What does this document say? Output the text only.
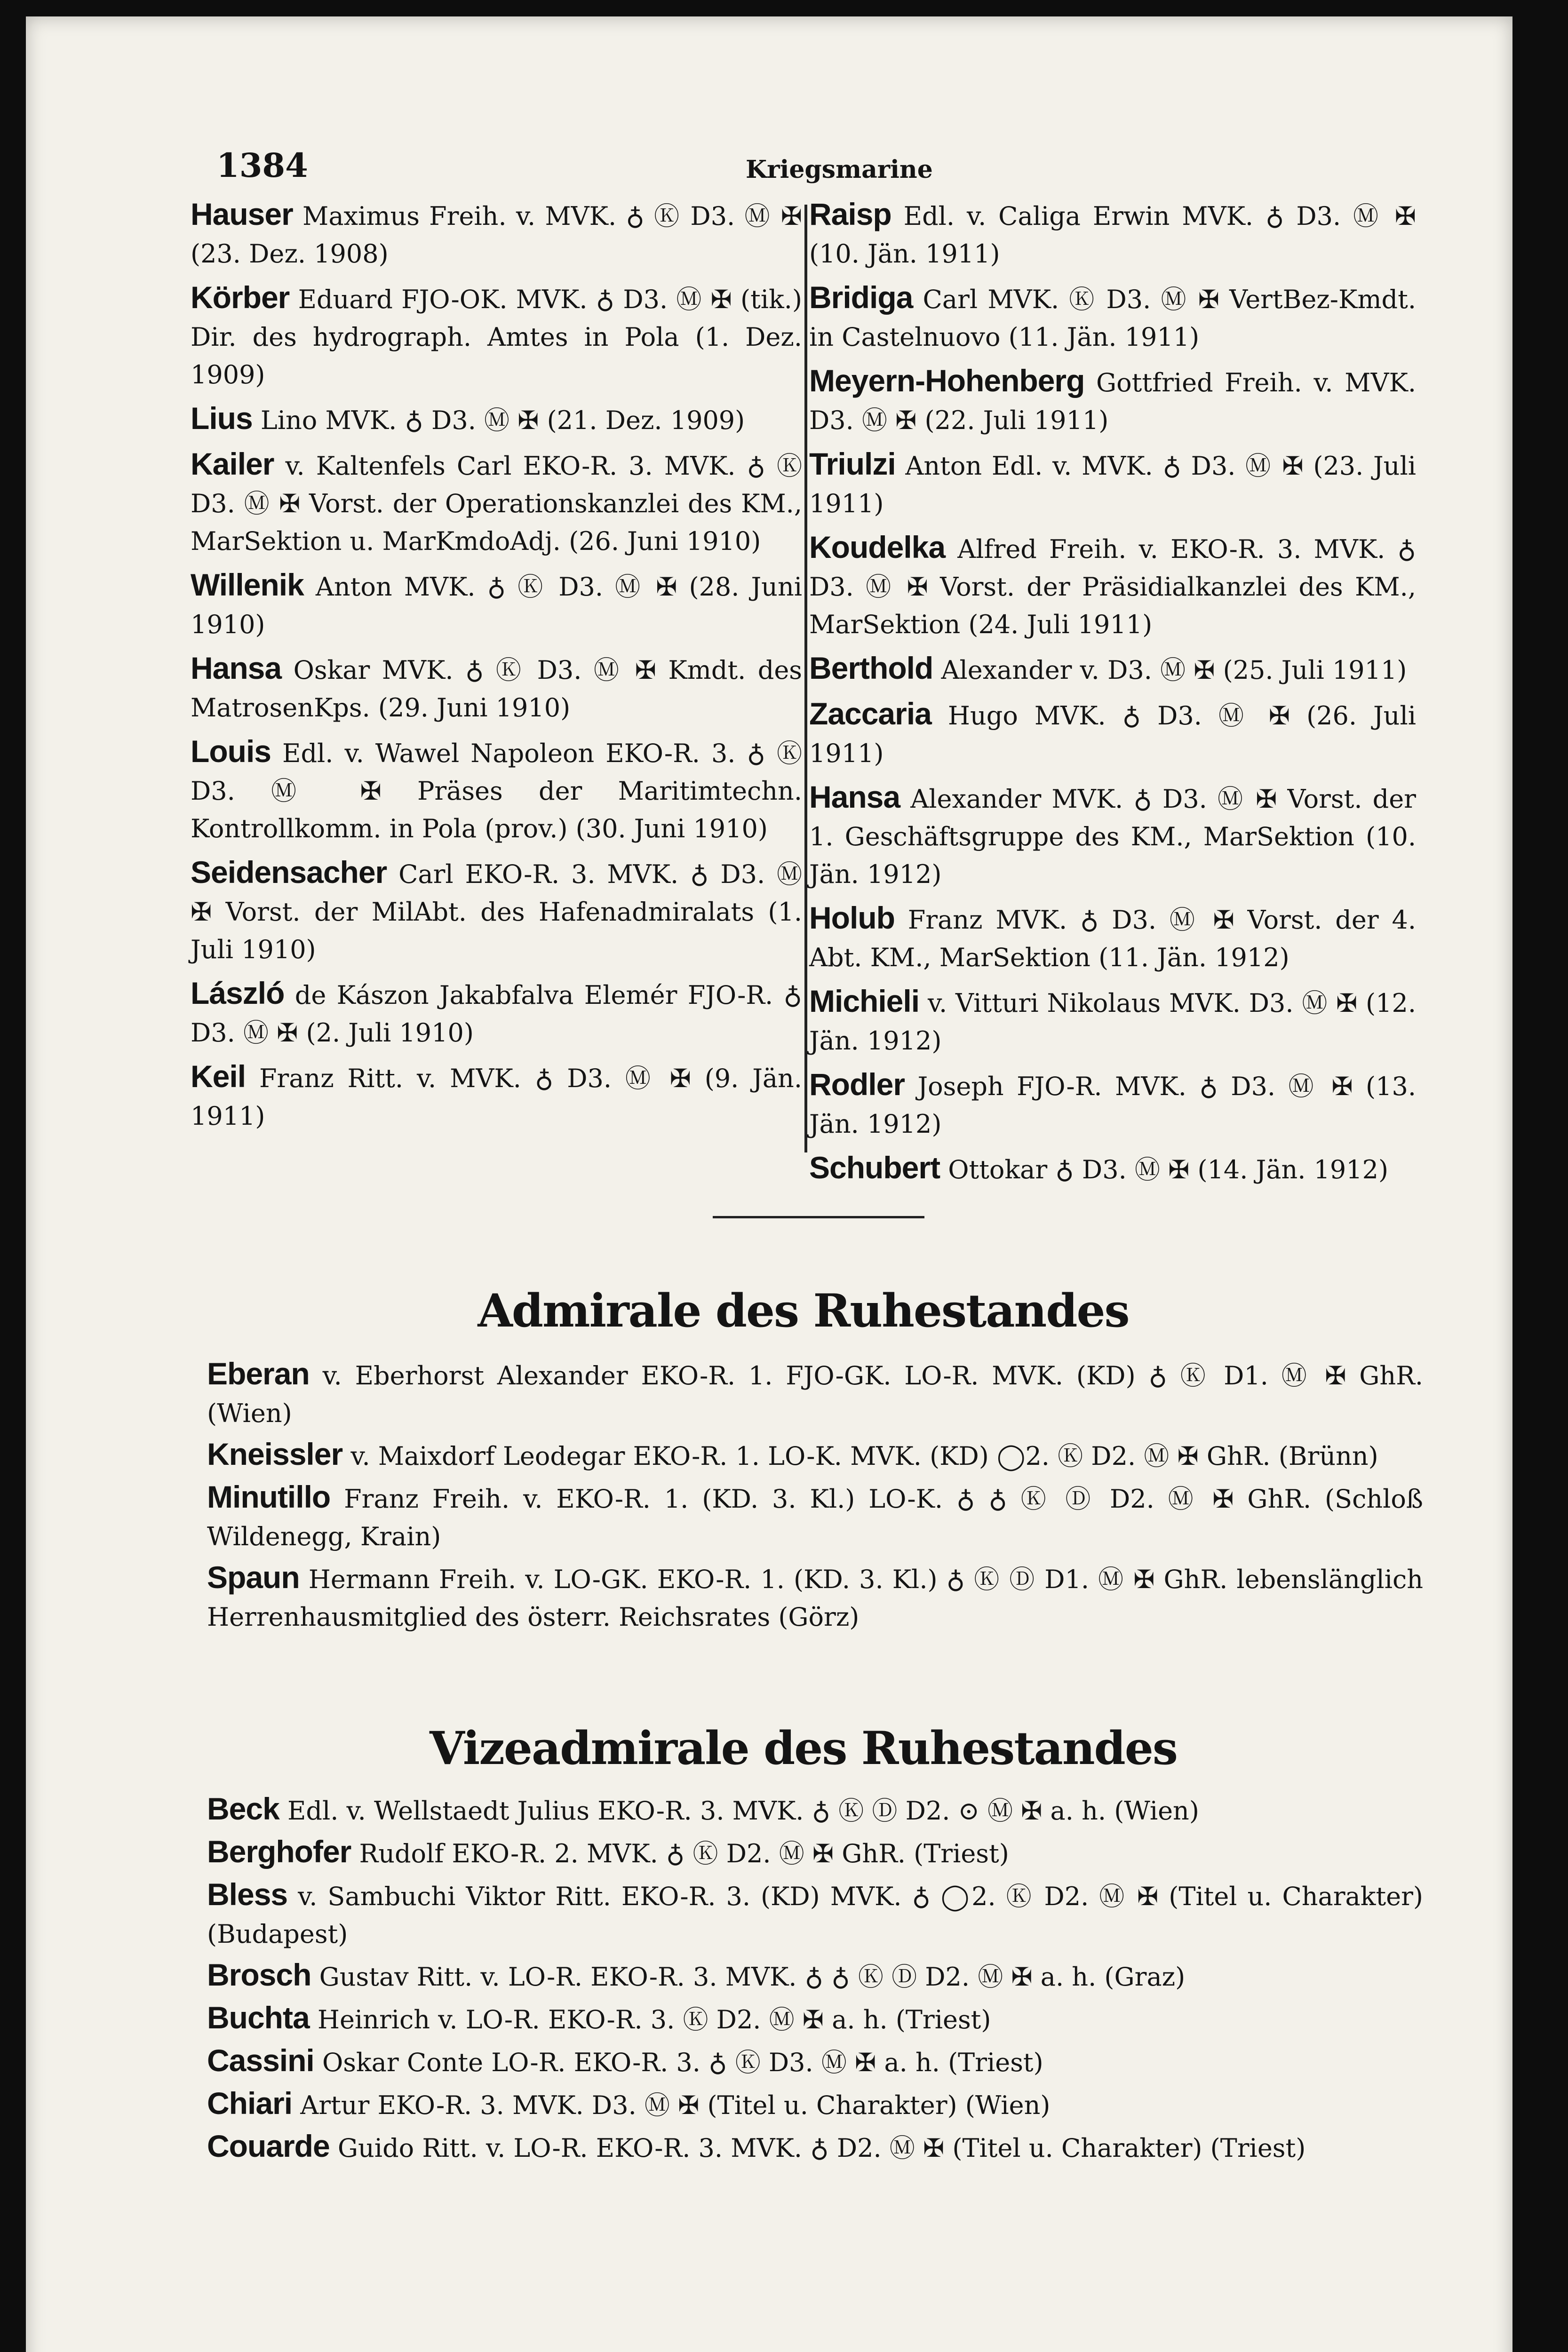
1384	Kriegsmarine
Hauser Maximus Freih. v. MVK. ♁ Ⓚ D3. Ⓜ ✠ (23. Dez. 1908)
Körber Eduard FJO-OK. MVK. ♁ D3. Ⓜ ✠ (tik.) Dir. des hydrograph. Amtes in Pola (1. Dez. 1909)
Lius Lino MVK. ♁ D3. Ⓜ ✠ (21. Dez. 1909)
Kailer v. Kaltenfels Carl EKO-R. 3. MVK. ♁ Ⓚ D3. Ⓜ ✠ Vorst. der Operationskanzlei des KM., MarSektion u. MarKmdoAdj. (26. Juni 1910)
Willenik Anton MVK. ♁ Ⓚ D3. Ⓜ ✠ (28. Juni 1910)
Hansa Oskar MVK. ♁ Ⓚ D3. Ⓜ ✠ Kmdt. des MatrosenKps. (29. Juni 1910)
Louis Edl. v. Wawel Napoleon EKO-R. 3. ♁ Ⓚ D3. Ⓜ ✠ Präses der Maritimtechn. Kontrollkomm. in Pola (prov.) (30. Juni 1910)
Seidensacher Carl EKO-R. 3. MVK. ♁ D3. Ⓜ ✠ Vorst. der MilAbt. des Hafenadmiralats (1. Juli 1910)
László de Kászon Jakabfalva Elemér FJO-R. ♁ D3. Ⓜ ✠ (2. Juli 1910)
Keil Franz Ritt. v. MVK. ♁ D3. Ⓜ ✠ (9. Jän. 1911)
Raisp Edl. v. Caliga Erwin MVK. ♁ D3. Ⓜ ✠ (10. Jän. 1911)
Bridiga Carl MVK. Ⓚ D3. Ⓜ ✠ VertBez-Kmdt. in Castelnuovo (11. Jän. 1911)
Meyern-Hohenberg Gottfried Freih. v. MVK. D3. Ⓜ ✠ (22. Juli 1911)
Triulzi Anton Edl. v. MVK. ♁ D3. Ⓜ ✠ (23. Juli 1911)
Koudelka Alfred Freih. v. EKO-R. 3. MVK. ♁ D3. Ⓜ ✠ Vorst. der Präsidialkanzlei des KM., MarSektion (24. Juli 1911)
Berthold Alexander v. D3. Ⓜ ✠ (25. Juli 1911)
Zaccaria Hugo MVK. ♁ D3. Ⓜ ✠ (26. Juli 1911)
Hansa Alexander MVK. ♁ D3. Ⓜ ✠ Vorst. der 1. Geschäftsgruppe des KM., MarSektion (10. Jän. 1912)
Holub Franz MVK. ♁ D3. Ⓜ ✠ Vorst. der 4. Abt. KM., MarSektion (11. Jän. 1912)
Michieli v. Vitturi Nikolaus MVK. D3. Ⓜ ✠ (12. Jän. 1912)
Rodler Joseph FJO-R. MVK. ♁ D3. Ⓜ ✠ (13. Jän. 1912)
Schubert Ottokar ♁ D3. Ⓜ ✠ (14. Jän. 1912)
Admirale des Ruhestandes
Eberan v. Eberhorst Alexander EKO-R. 1. FJO-GK. LO-R. MVK. (KD) ♁ Ⓚ D1. Ⓜ ✠ GhR. (Wien)
Kneissler v. Maixdorf Leodegar EKO-R. 1. LO-K. MVK. (KD) ◯2. Ⓚ D2. Ⓜ ✠ GhR. (Brünn)
Minutillo Franz Freih. v. EKO-R. 1. (KD. 3. Kl.) LO-K. ♁ ♁ Ⓚ Ⓓ D2. Ⓜ ✠ GhR. (Schloß Wildenegg, Krain)
Spaun Hermann Freih. v. LO-GK. EKO-R. 1. (KD. 3. Kl.) ♁ Ⓚ Ⓓ D1. Ⓜ ✠ GhR. lebenslänglich Herrenhausmitglied des österr. Reichsrates (Görz)
Vizeadmirale des Ruhestandes
Beck Edl. v. Wellstaedt Julius EKO-R. 3. MVK. ♁ Ⓚ Ⓓ D2. ⊙ Ⓜ ✠ a. h. (Wien)
Berghofer Rudolf EKO-R. 2. MVK. ♁ Ⓚ D2. Ⓜ ✠ GhR. (Triest)
Bless v. Sambuchi Viktor Ritt. EKO-R. 3. (KD) MVK. ♁ ◯2. Ⓚ D2. Ⓜ ✠ (Titel u. Charakter) (Budapest)
Brosch Gustav Ritt. v. LO-R. EKO-R. 3. MVK. ♁ ♁ Ⓚ Ⓓ D2. Ⓜ ✠ a. h. (Graz)
Buchta Heinrich v. LO-R. EKO-R. 3. Ⓚ D2. Ⓜ ✠ a. h. (Triest)
Cassini Oskar Conte LO-R. EKO-R. 3. ♁ Ⓚ D3. Ⓜ ✠ a. h. (Triest)
Chiari Artur EKO-R. 3. MVK. D3. Ⓜ ✠ (Titel u. Charakter) (Wien)
Couarde Guido Ritt. v. LO-R. EKO-R. 3. MVK. ♁ D2. Ⓜ ✠ (Titel u. Charakter) (Triest)
